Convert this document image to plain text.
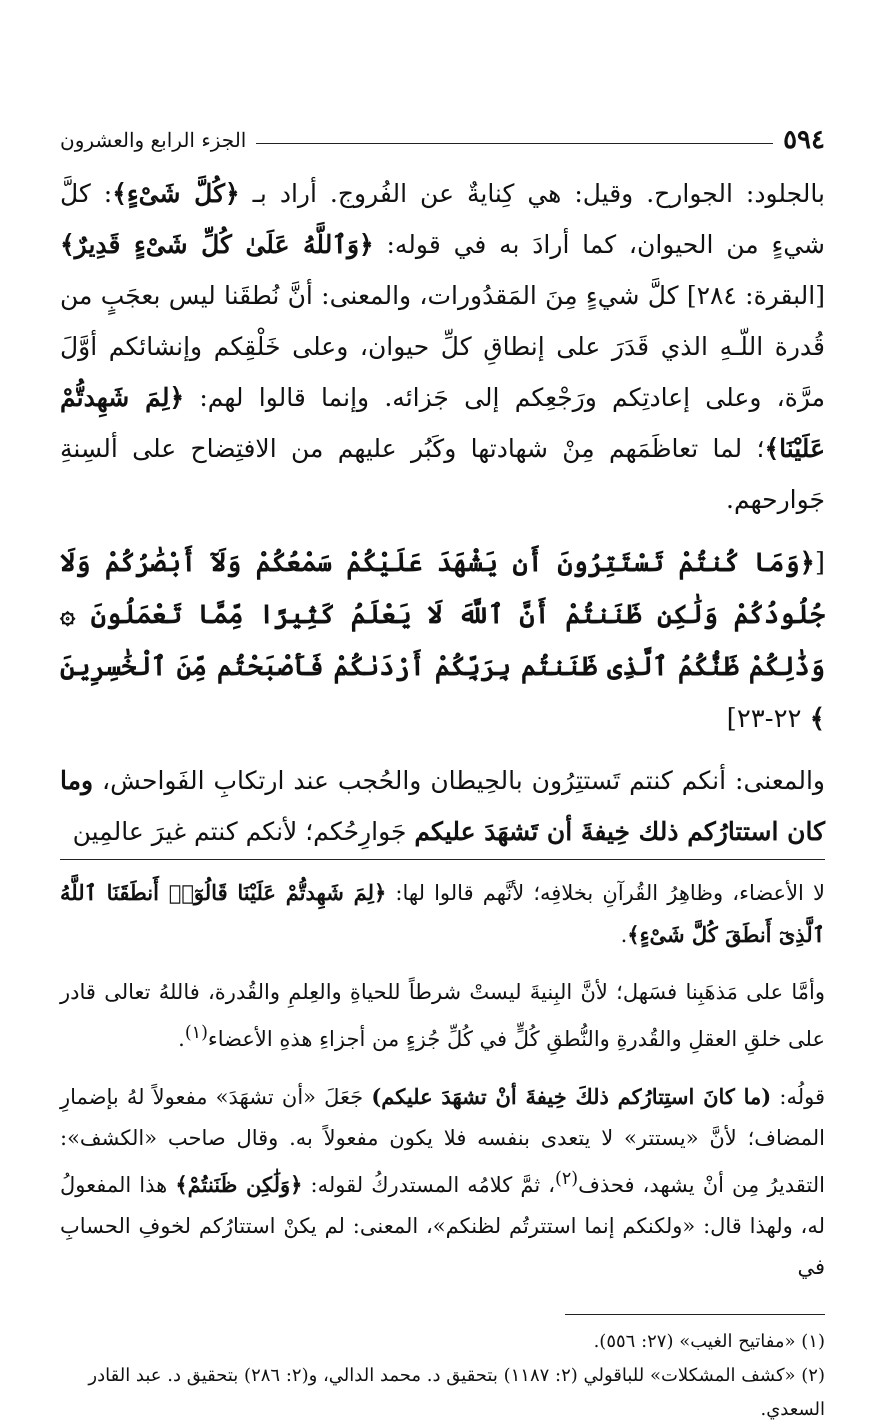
٥٩٤
الجزء الرابع والعشرون

بالجلود: الجوارح. وقيل: هي كِنايةٌ عن الفُروج. أراد بـ ﴿كُلَّ شَىْءٍ﴾: كلَّ شيءٍ من الحيوان، كما أرادَ به في قوله: ﴿وَٱللَّهُ عَلَىٰ كُلِّ شَىْءٍ قَدِيرٌ﴾ [البقرة: ٢٨٤] كلَّ شيءٍ مِنَ المَقدُورات، والمعنى: أنَّ نُطقَنا ليس بعجَبٍ من قُدرة اللّـهِ الذي قَدَرَ على إنطاقِ كلِّ حيوان، وعلى خَلْقِكم وإنشائكم أوَّلَ مرَّة، وعلى إعادتِكم ورَجْعِكم إلى جَزائه. وإنما قالوا لهم: ﴿لِمَ شَهِدتُّمْ عَلَيْنَا﴾؛ لما تعاظَمَهم مِنْ شهادتها وكَبُر عليهم من الافتِضاح على ألسِنةِ جَوارحهم.

[﴿وَمَا كُنتُمْ تَسْتَتِرُونَ أَن يَشْهَدَ عَلَيْكُمْ سَمْعُكُمْ وَلَآ أَبْصَٰرُكُمْ وَلَا جُلُودُكُمْ وَلَٰكِن ظَنَنتُمْ أَنَّ ٱللَّهَ لَا يَعْلَمُ كَثِيرًا مِّمَّا تَعْمَلُونَ ۞ وَذَٰلِكُمْ ظَنُّكُمُ ٱلَّذِى ظَنَنتُم بِرَبِّكُمْ أَرْدَىٰكُمْ فَأَصْبَحْتُم مِّنَ ٱلْخَٰسِرِينَ ﴾ ٢٢-٢٣]

والمعنى: أنكم كنتم تَستتِرُون بالحِيطان والحُجب عند ارتكابِ الفَواحش، وما كان استتارُكم ذلك خِيفةَ أن تَشهَدَ عليكم جَوارِحُكم؛ لأنكم كنتم غيرَ عالمِين

لا الأعضاء، وظاهِرُ القُرآنِ بخلافِه؛ لأنَّهم قالوا لها: ﴿لِمَ شَهِدتُّمْ عَلَيْنَا قَالُوٓا۟ أَنطَقَنَا ٱللَّهُ ٱلَّذِىٓ أَنطَقَ كُلَّ شَىْءٍ﴾.

وأمَّا على مَذهَبِنا فسَهل؛ لأنَّ البِنيةَ ليستْ شرطاً للحياةِ والعِلمِ والقُدرة، فاللهُ تعالى قادر على خلقِ العقلِ والقُدرةِ والنُّطقِ كُلٍّ في كُلِّ جُزءٍ من أجزاءِ هذهِ الأعضاء$^{(١)}$.

قولُه: (ما كانَ استِتارُكم ذلكَ خِيفةَ أنْ تشهَدَ عليكم) جَعَلَ «أن تشهَدَ» مفعولاً لهُ بإضمارِ المضاف؛ لأنَّ «يستتر» لا يتعدى بنفسه فلا يكون مفعولاً به. وقال صاحب «الكشف»: التقديرُ مِن أنْ يشهد، فحذف$^{(٢)}$، ثمَّ كلامُه المستدركُ لقوله: ﴿وَلَٰكِن ظَنَنتُمْ﴾ هذا المفعولُ له، ولهذا قال: «ولكنكم إنما استترتُم لظنكم»، المعنى: لم يكنْ استتارُكم لخوفِ الحسابِ في

(١) «مفاتيح الغيب» (٢٧: ٥٥٦).

(٢) «كشف المشكلات» للباقولي (٢: ١١٨٧) بتحقيق د. محمد الدالي، و(٢: ٢٨٦) بتحقيق د. عبد القادر السعدي.
